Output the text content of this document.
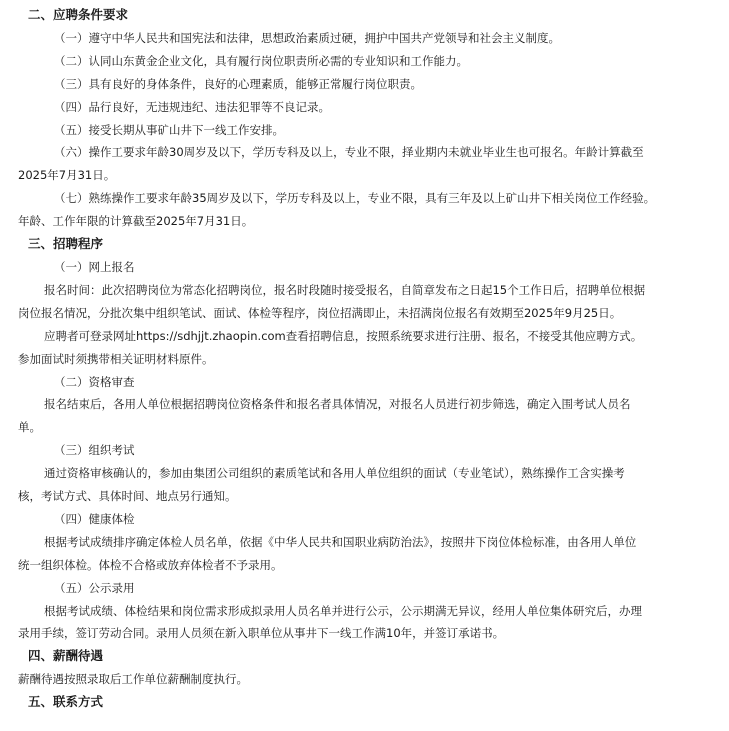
二、应聘条件要求

（一）遵守中华人民共和国宪法和法律，思想政治素质过硬，拥护中国共产党领导和社会主义制度。

（二）认同山东黄金企业文化，具有履行岗位职责所必需的专业知识和工作能力。

（三）具有良好的身体条件，良好的心理素质，能够正常履行岗位职责。

（四）品行良好，无违规违纪、违法犯罪等不良记录。

（五）接受长期从事矿山井下一线工作安排。

（六）操作工要求年龄30周岁及以下，学历专科及以上，专业不限，择业期内未就业毕业生也可报名。年龄计算截至

2025年7月31日。

（七）熟练操作工要求年龄35周岁及以下，学历专科及以上，专业不限，具有三年及以上矿山井下相关岗位工作经验。

年龄、工作年限的计算截至2025年7月31日。

三、招聘程序

（一）网上报名

报名时间：此次招聘岗位为常态化招聘岗位，报名时段随时接受报名，自简章发布之日起15个工作日后，招聘单位根据

岗位报名情况，分批次集中组织笔试、面试、体检等程序，岗位招满即止，未招满岗位报名有效期至2025年9月25日。

应聘者可登录网址https://sdhjjt.zhaopin.com查看招聘信息，按照系统要求进行注册、报名，不接受其他应聘方式。

参加面试时须携带相关证明材料原件。

（二）资格审查

报名结束后，各用人单位根据招聘岗位资格条件和报名者具体情况，对报名人员进行初步筛选，确定入围考试人员名

单。

（三）组织考试

通过资格审核确认的，参加由集团公司组织的素质笔试和各用人单位组织的面试（专业笔试），熟练操作工含实操考

核，考试方式、具体时间、地点另行通知。

（四）健康体检

根据考试成绩排序确定体检人员名单，依据《中华人民共和国职业病防治法》，按照井下岗位体检标准，由各用人单位

统一组织体检。体检不合格或放弃体检者不予录用。

（五）公示录用

根据考试成绩、体检结果和岗位需求形成拟录用人员名单并进行公示，公示期满无异议，经用人单位集体研究后，办理

录用手续，签订劳动合同。录用人员须在新入职单位从事井下一线工作满10年，并签订承诺书。

四、薪酬待遇

薪酬待遇按照录取后工作单位薪酬制度执行。

五、联系方式
